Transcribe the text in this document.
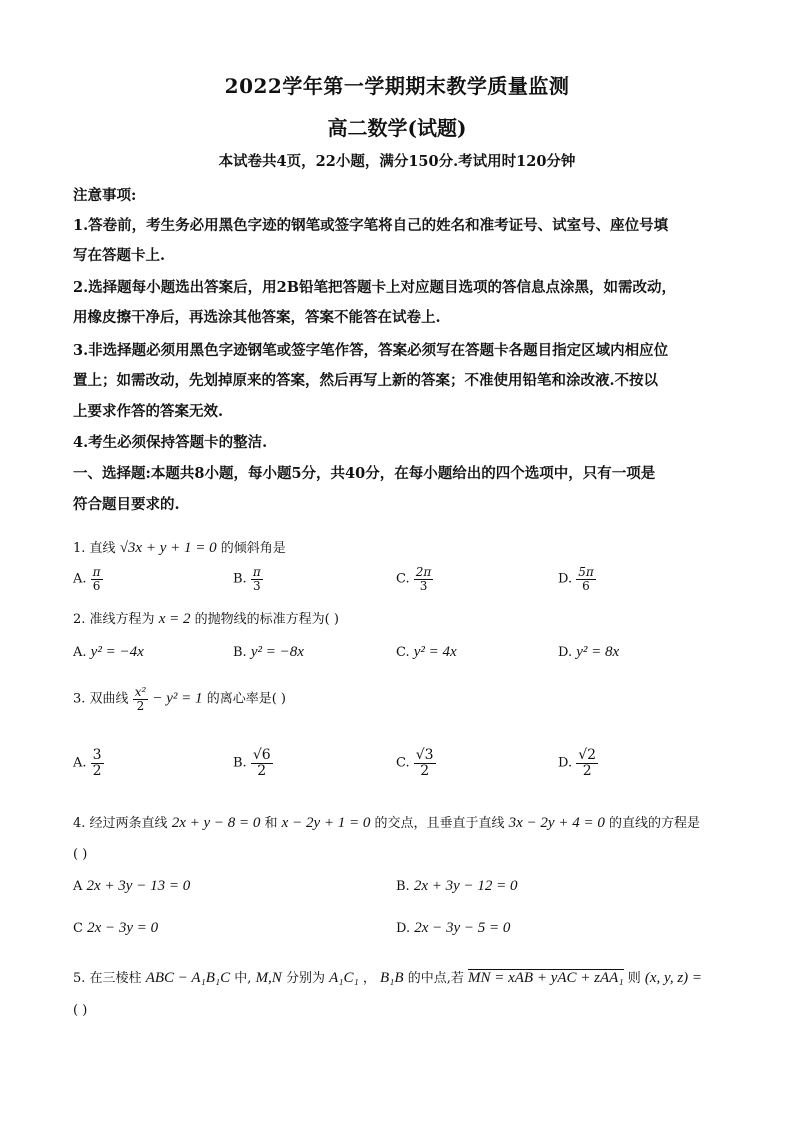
2022学年第一学期期末教学质量监测
高二数学(试题)
本试卷共4页，22小题，满分150分.考试用时120分钟
注意事项:
1.答卷前，考生务必用黑色字迹的钢笔或签字笔将自己的姓名和准考证号、试室号、座位号填
写在答题卡上.
2.选择题每小题选出答案后，用2B铅笔把答题卡上对应题目选项的答信息点涂黑，如需改动，
用橡皮擦干净后，再选涂其他答案，答案不能答在试卷上.
3.非选择题必须用黑色字迹钢笔或签字笔作答，答案必须写在答题卡各题目指定区域内相应位
置上；如需改动，先划掉原来的答案，然后再写上新的答案；不准使用铅笔和涂改液.不按以
上要求作答的答案无效.
4.考生必须保持答题卡的整洁.
一、选择题:本题共8小题，每小题5分，共40分，在每小题给出的四个选项中，只有一项是
符合题目要求的.
1. 直线 √3x + y + 1 = 0 的倾斜角是
A. $\frac{\pi}{6}$	B. $\frac{\pi}{3}$	C. $\frac{2\pi}{3}$	D. $\frac{5\pi}{6}$
2. 准线方程为 x = 2 的抛物线的标准方程为( )
A. y² = −4x	B. y² = −8x	C. y² = 4x	D. y² = 8x
3. 双曲线 $\frac{\text{x²}}{2} - y^2 = 1$ 的离心率是( )
A. $\frac{3}{2}$	B. $\frac{√6}{2}$	C. $\frac{√3}{2}$	D. $\frac{√2}{2}$
4. 经过两条直线 2x + y − 8 = 0 和 x − 2y + 1 = 0 的交点，且垂直于直线 3x − 2y + 4 = 0 的直线的方程是
( )
A 2x + 3y − 13 = 0	B. 2x + 3y − 12 = 0
C 2x − 3y = 0	D. 2x − 3y − 5 = 0
5. 在三棱柱 ABC − A₁B₁C 中, M,N 分别为 A₁C₁ ， B₁B 的中点,若 MN = xAB + yAC + zAA₁ 则 (x, y, z) =
( )
